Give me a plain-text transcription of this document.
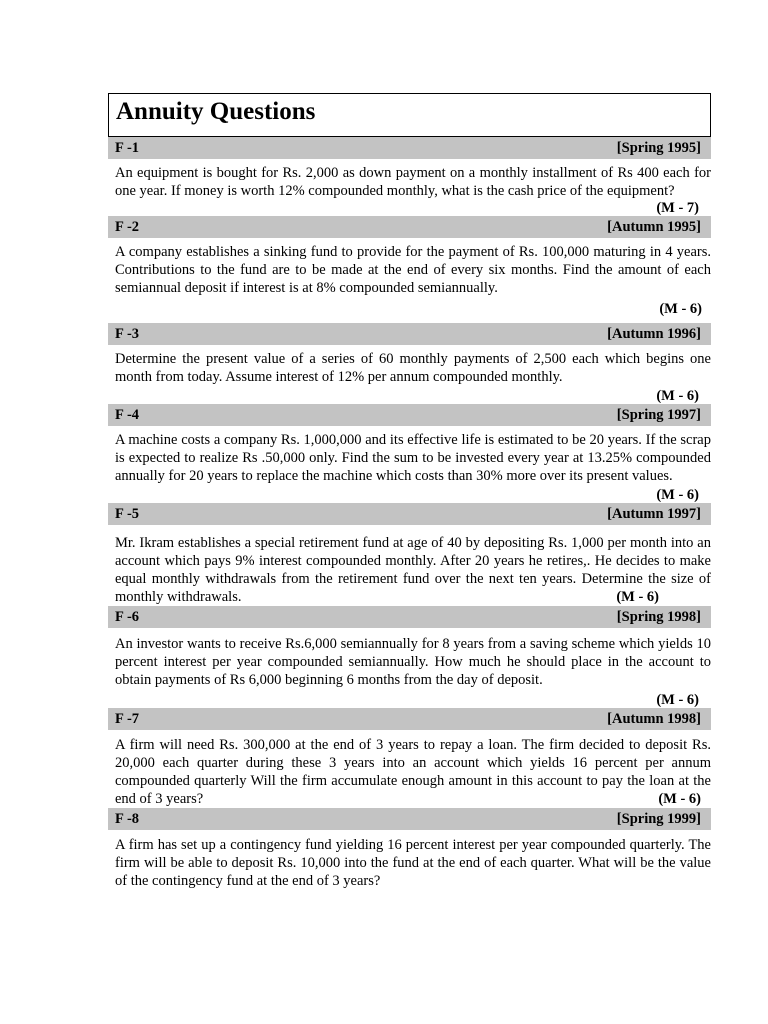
Annuity Questions
F -1	[Spring 1995]
An equipment is bought for Rs. 2,000 as down payment on a monthly installment of Rs 400 each for one year. If money is worth 12% compounded monthly, what is the cash price of the equipment?
(M - 7)
F -2	[Autumn 1995]
A company establishes a sinking fund to provide for the payment of Rs. 100,000 maturing in 4 years. Contributions to the fund are to be made at the end of every six months. Find the amount of each semiannual deposit if interest is at 8% compounded semiannually.
(M - 6)
F -3	[Autumn 1996]
Determine the present value of a series of 60 monthly payments of 2,500 each which begins one month from today. Assume interest of 12% per annum compounded monthly.
(M - 6)
F -4	[Spring 1997]
A machine costs a company Rs. 1,000,000 and its effective life is estimated to be 20 years. If the scrap is expected to realize Rs .50,000 only. Find the sum to be invested every year at 13.25% compounded annually for 20 years to replace the machine which costs than 30% more over its present values.
(M - 6)
F -5	[Autumn 1997]
Mr. Ikram establishes a special retirement fund at age of 40 by depositing Rs. 1,000 per month into an account which pays 9% interest compounded monthly. After 20 years he retires,. He decides to make equal monthly withdrawals from the retirement fund over the next ten years. Determine the size of monthly withdrawals.	(M - 6)
F -6	[Spring 1998]
An investor wants to receive Rs.6,000 semiannually for 8 years from a saving scheme which yields 10 percent interest per year compounded semiannually. How much he should place in the account to obtain payments of Rs 6,000 beginning 6 months from the day of deposit.
(M - 6)
F -7	[Autumn 1998]
A firm will need Rs. 300,000 at the end of 3 years to repay a loan. The firm decided to deposit Rs. 20,000 each quarter during these 3 years into an account which yields 16 percent per annum compounded quarterly Will the firm accumulate enough amount in this account to pay the loan at the end of 3 years?	(M - 6)
F -8	[Spring 1999]
A firm has set up a contingency fund yielding 16 percent interest per year compounded quarterly. The firm will be able to deposit Rs. 10,000 into the fund at the end of each quarter. What will be the value of the contingency fund at the end of 3 years?
